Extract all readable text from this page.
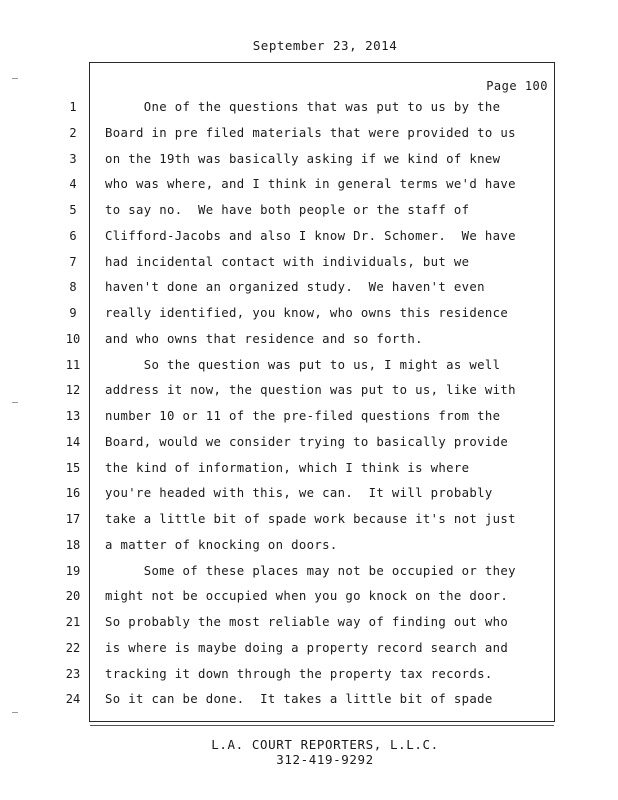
September 23, 2014
Page 100
1	One of the questions that was put to us by the
2	Board in pre filed materials that were provided to us
3	on the 19th was basically asking if we kind of knew
4	who was where, and I think in general terms we'd have
5	to say no.  We have both people or the staff of
6	Clifford-Jacobs and also I know Dr. Schomer.  We have
7	had incidental contact with individuals, but we
8	haven't done an organized study.  We haven't even
9	really identified, you know, who owns this residence
10 and who owns that residence and so forth.
11 So the question was put to us, I might as well
12 address it now, the question was put to us, like with
13 number 10 or 11 of the pre-filed questions from the
14 Board, would we consider trying to basically provide
15 the kind of information, which I think is where
16 you're headed with this, we can.  It will probably
17 take a little bit of spade work because it's not just
18 a matter of knocking on doors.
19 Some of these places may not be occupied or they
20 might not be occupied when you go knock on the door.
21 So probably the most reliable way of finding out who
22 is where is maybe doing a property record search and
23 tracking it down through the property tax records.
24 So it can be done.  It takes a little bit of spade
L.A. COURT REPORTERS, L.L.C.
312-419-9292
